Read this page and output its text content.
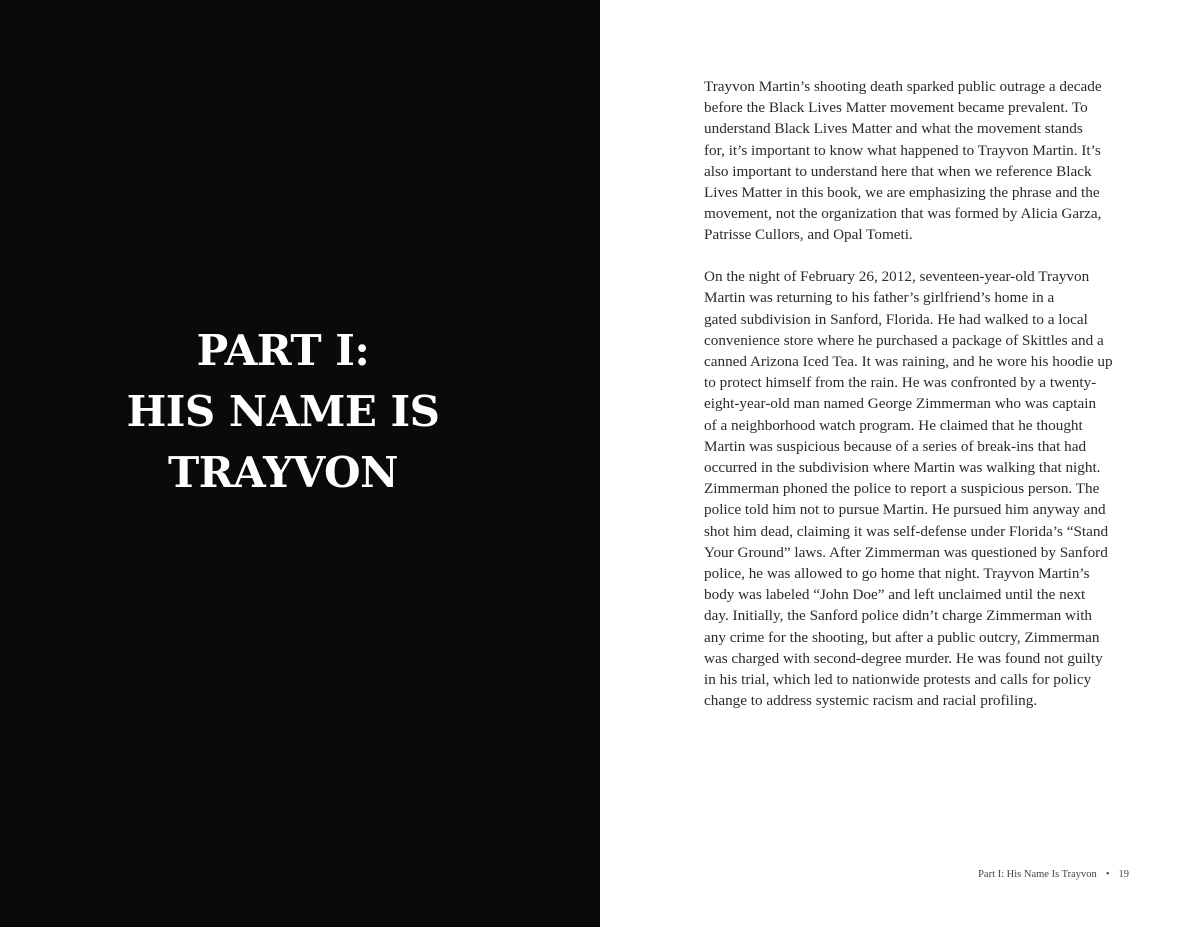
PART I:
HIS NAME IS
TRAYVON

Trayvon Martin’s shooting death sparked public outrage a decade
before the Black Lives Matter movement became prevalent. To
understand Black Lives Matter and what the movement stands
for, it’s important to know what happened to Trayvon Martin. It’s
also important to understand here that when we reference Black
Lives Matter in this book, we are emphasizing the phrase and the
movement, not the organization that was formed by Alicia Garza,
Patrisse Cullors, and Opal Tometi.

On the night of February 26, 2012, seventeen-year-old Trayvon
Martin was returning to his father’s girlfriend’s home in a
gated subdivision in Sanford, Florida. He had walked to a local
convenience store where he purchased a package of Skittles and a
canned Arizona Iced Tea. It was raining, and he wore his hoodie up
to protect himself from the rain. He was confronted by a twenty-
eight-year-old man named George Zimmerman who was captain
of a neighborhood watch program. He claimed that he thought
Martin was suspicious because of a series of break-ins that had
occurred in the subdivision where Martin was walking that night.
Zimmerman phoned the police to report a suspicious person. The
police told him not to pursue Martin. He pursued him anyway and
shot him dead, claiming it was self-defense under Florida’s “Stand
Your Ground” laws. After Zimmerman was questioned by Sanford
police, he was allowed to go home that night. Trayvon Martin’s
body was labeled “John Doe” and left unclaimed until the next
day. Initially, the Sanford police didn’t charge Zimmerman with
any crime for the shooting, but after a public outcry, Zimmerman
was charged with second-degree murder. He was found not guilty
in his trial, which led to nationwide protests and calls for policy
change to address systemic racism and racial profiling.

Part I: His Name Is Trayvon • 19
